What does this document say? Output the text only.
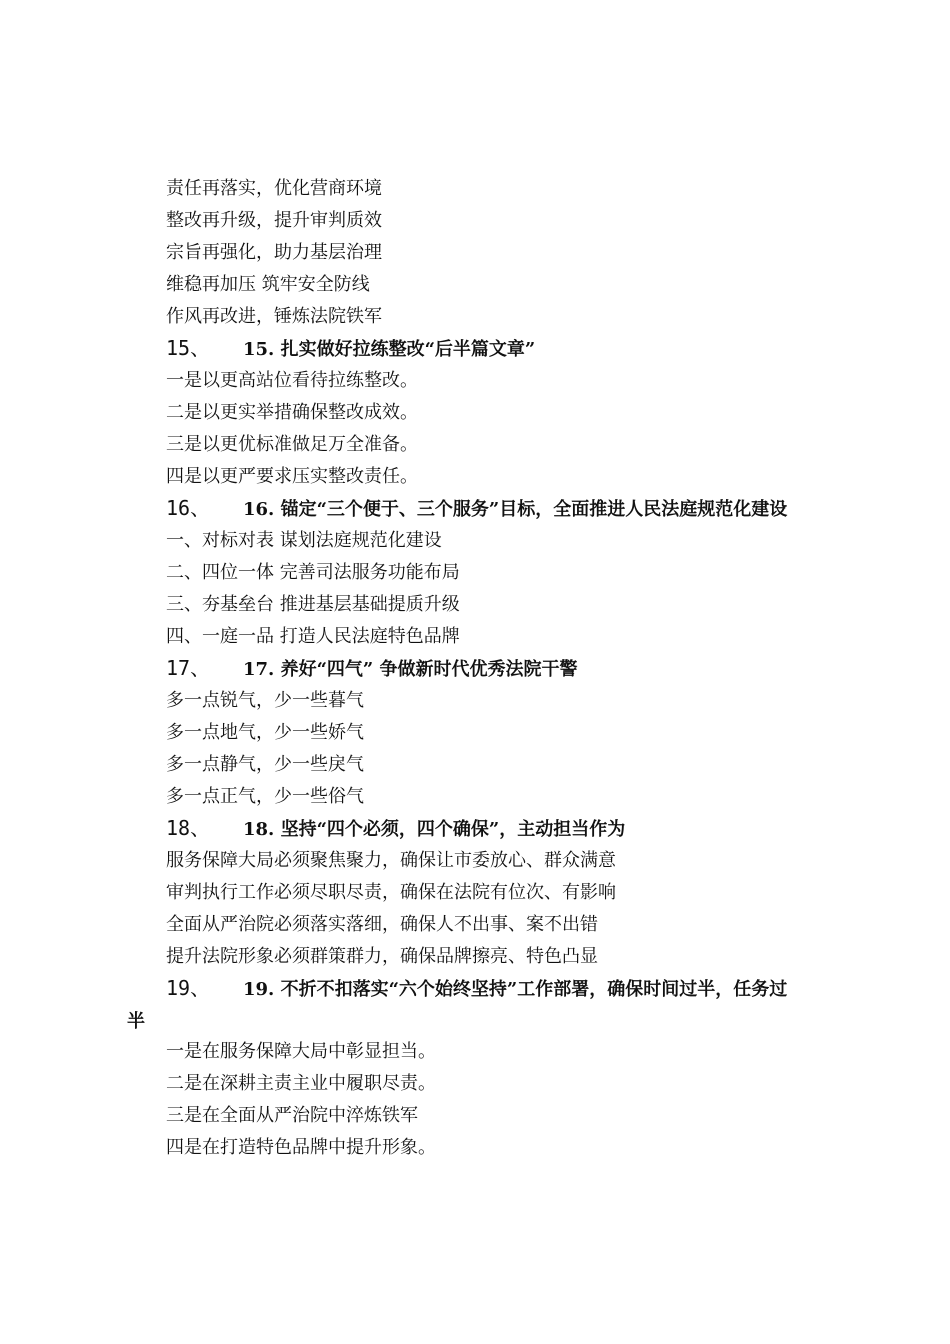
责任再落实，优化营商环境
整改再升级，提升审判质效
宗旨再强化，助力基层治理
维稳再加压 筑牢安全防线
作风再改进，锤炼法院铁军
15、 15. 扎实做好拉练整改“后半篇文章”
一是以更高站位看待拉练整改。
二是以更实举措确保整改成效。
三是以更优标准做足万全准备。
四是以更严要求压实整改责任。
16、 16. 锚定“三个便于、三个服务”目标，全面推进人民法庭规范化建设
一、对标对表 谋划法庭规范化建设
二、四位一体 完善司法服务功能布局
三、夯基垒台 推进基层基础提质升级
四、一庭一品 打造人民法庭特色品牌
17、 17. 养好“四气” 争做新时代优秀法院干警
多一点锐气，少一些暮气
多一点地气，少一些娇气
多一点静气，少一些戾气
多一点正气，少一些俗气
18、 18. 坚持“四个必须，四个确保”，主动担当作为
服务保障大局必须聚焦聚力，确保让市委放心、群众满意
审判执行工作必须尽职尽责，确保在法院有位次、有影响
全面从严治院必须落实落细，确保人不出事、案不出错
提升法院形象必须群策群力，确保品牌擦亮、特色凸显
19、 19. 不折不扣落实“六个始终坚持”工作部署，确保时间过半，任务过
半
一是在服务保障大局中彰显担当。
二是在深耕主责主业中履职尽责。
三是在全面从严治院中淬炼铁军
四是在打造特色品牌中提升形象。
